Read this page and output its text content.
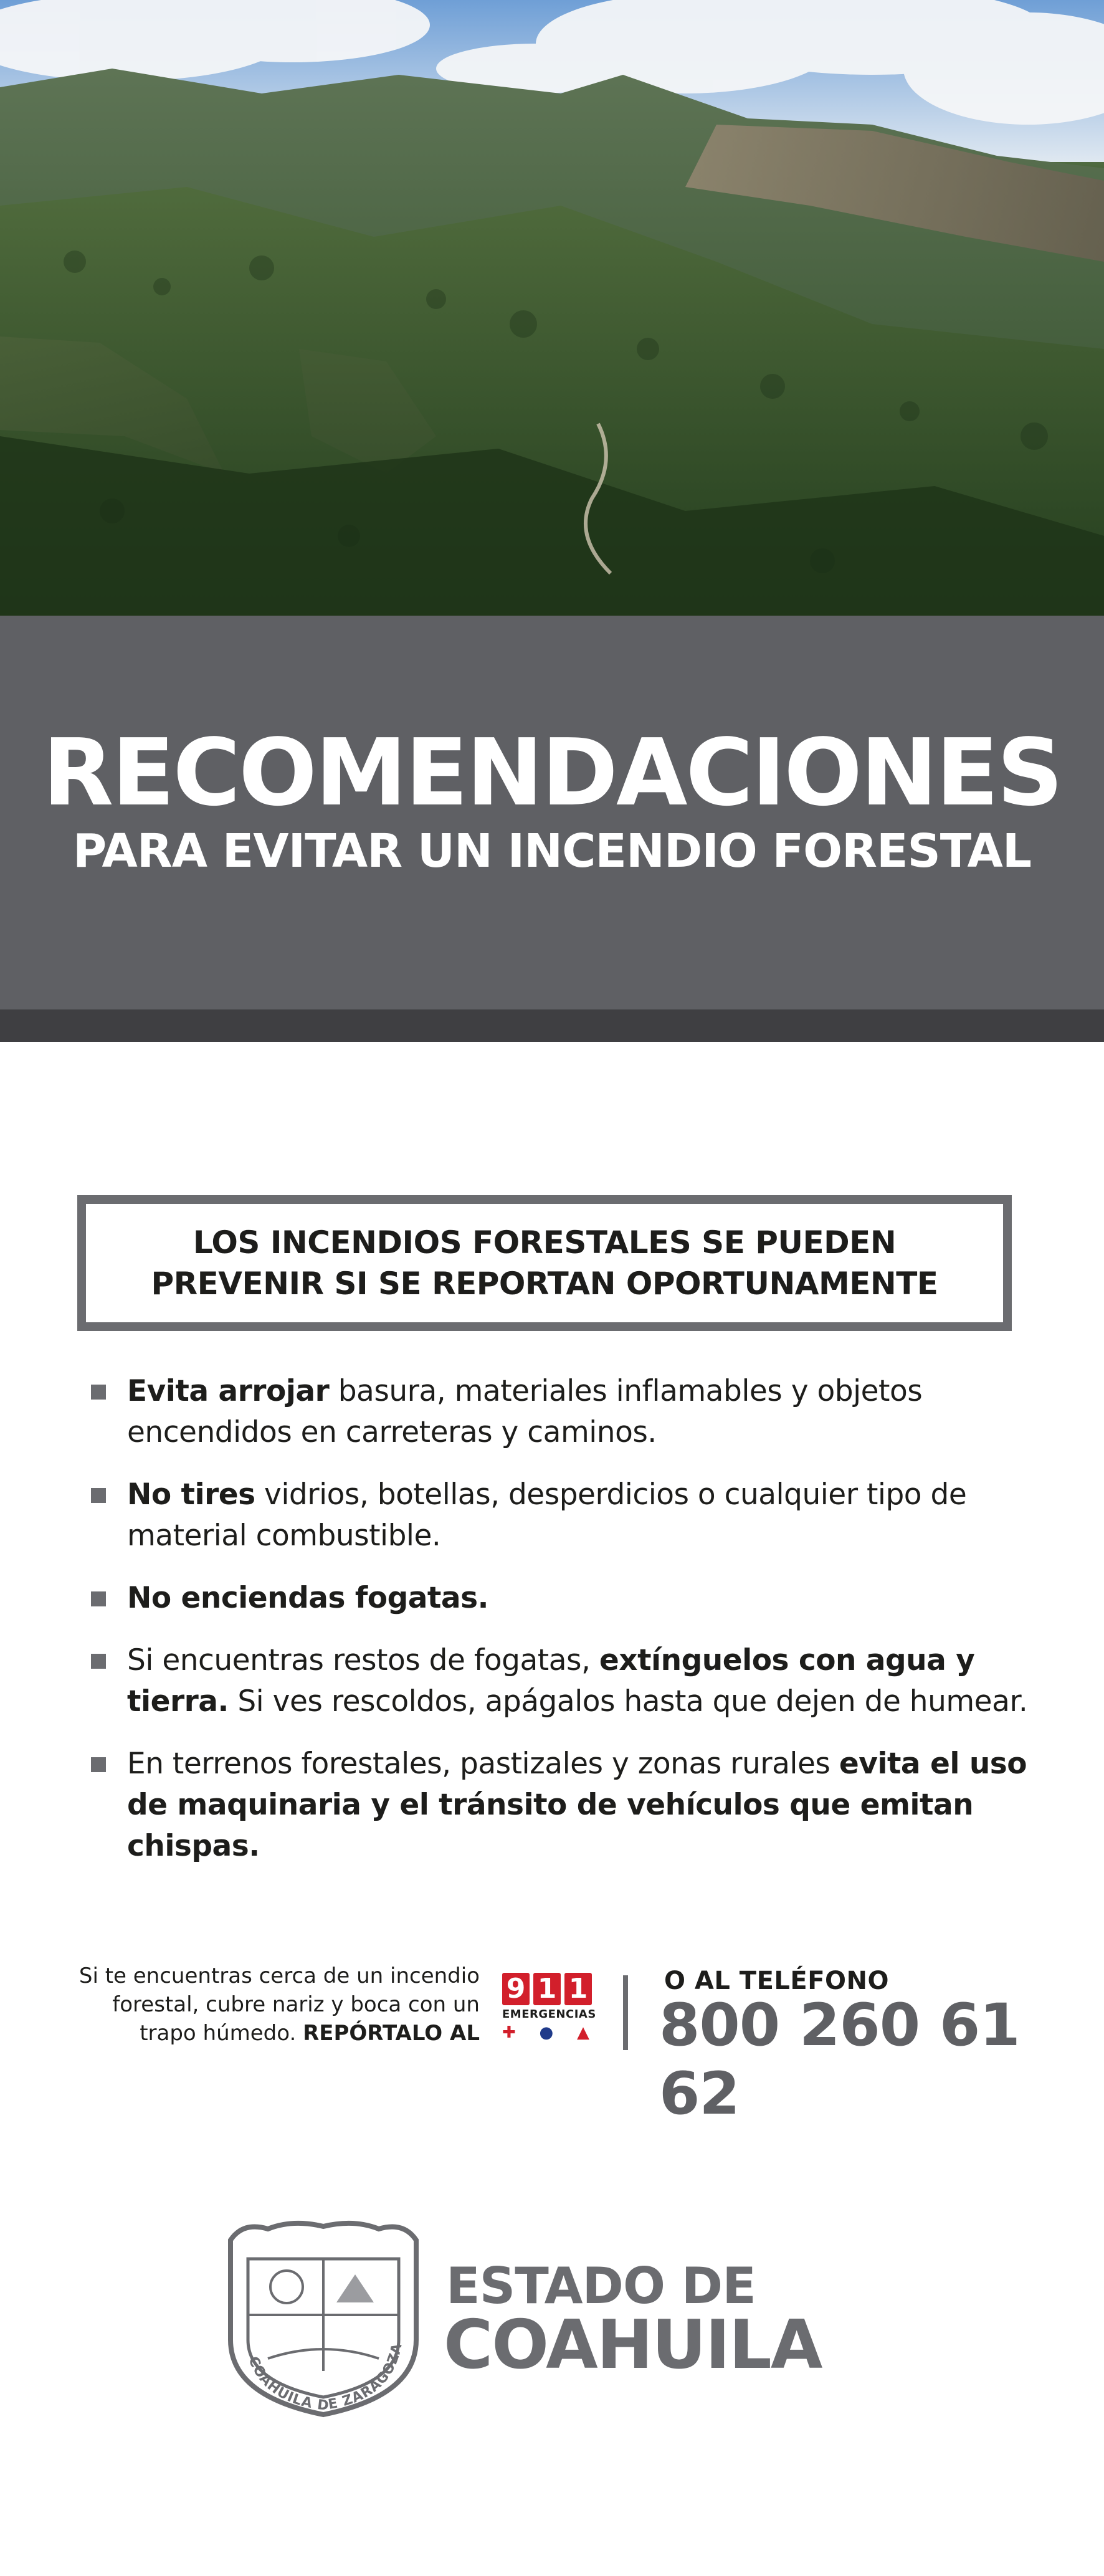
RECOMENDACIONES
PARA EVITAR UN INCENDIO FORESTAL
LOS INCENDIOS FORESTALES SE PUEDEN
PREVENIR SI SE REPORTAN OPORTUNAMENTE
Evita arrojar basura, materiales inflamables y objetos encendidos en carreteras y caminos.
No tires vidrios, botellas, desperdicios o cualquier tipo de material combustible.
No enciendas fogatas.
Si encuentras restos de fogatas, extínguelos con agua y tierra. Si ves rescoldos, apágalos hasta que dejen de humear.
En terrenos forestales, pastizales y zonas rurales evita el uso de maquinaria y el tránsito de vehículos que emitan chispas.
Si te encuentras cerca de un incendio
forestal, cubre nariz y boca con un
trapo húmedo. REPÓRTALO AL
9 1 1
EMERGENCIAS
✚ ● ▲
O AL TELÉFONO
800 260 61 62
COAHUILA DE ZARAGOZA
ESTADO DE
COAHUILA
